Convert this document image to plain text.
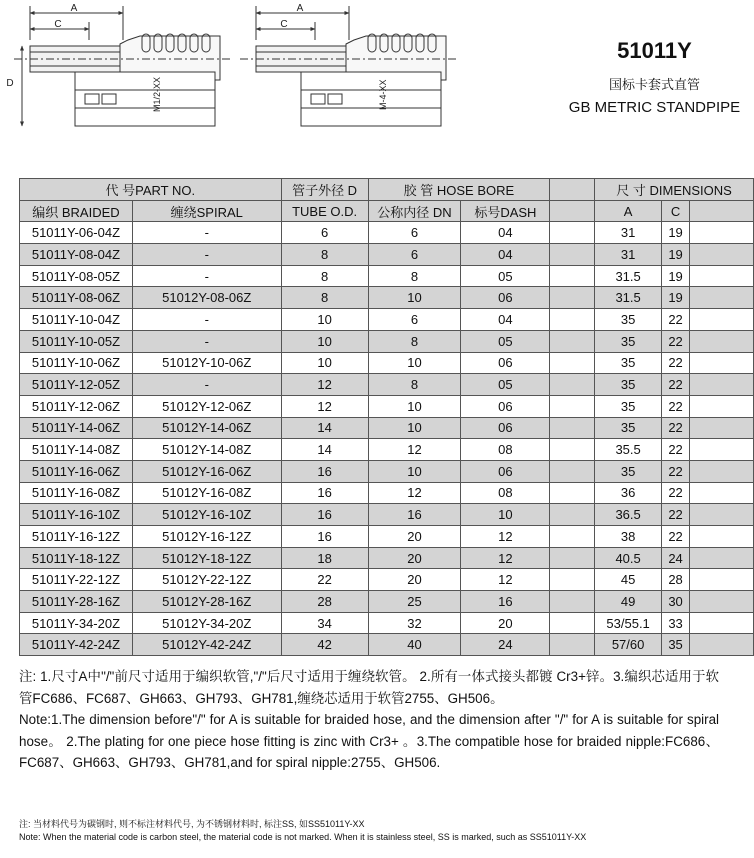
A
C
D	M1/2-XX
A
C
M-4-XX
51011Y
国标卡套式直管
GB METRIC STANDPIPE
代 号PART NO.		管子外径 D	胶 管 HOSE BORE			尺 寸 DIMENSIONS		
编织 BRAIDED	缠绕SPIRAL	TUBE O.D.	公称内径 DN	标号DASH		A	C	
51011Y-06-04Z	-	6	6	04		31	19	
51011Y-08-04Z	-	8	6	04		31	19	
51011Y-08-05Z	-	8	8	05		31.5	19	
51011Y-08-06Z	51012Y-08-06Z	8	10	06		31.5	19	
51011Y-10-04Z	-	10	6	04		35	22	
51011Y-10-05Z	-	10	8	05		35	22	
51011Y-10-06Z	51012Y-10-06Z	10	10	06		35	22	
51011Y-12-05Z	-	12	8	05		35	22	
51011Y-12-06Z	51012Y-12-06Z	12	10	06		35	22	
51011Y-14-06Z	51012Y-14-06Z	14	10	06		35	22	
51011Y-14-08Z	51012Y-14-08Z	14	12	08		35.5	22	
51011Y-16-06Z	51012Y-16-06Z	16	10	06		35	22	
51011Y-16-08Z	51012Y-16-08Z	16	12	08		36	22	
51011Y-16-10Z	51012Y-16-10Z	16	16	10		36.5	22	
51011Y-16-12Z	51012Y-16-12Z	16	20	12		38	22	
51011Y-18-12Z	51012Y-18-12Z	18	20	12		40.5	24	
51011Y-22-12Z	51012Y-22-12Z	22	20	12		45	28	
51011Y-28-16Z	51012Y-28-16Z	28	25	16		49	30	
51011Y-34-20Z	51012Y-34-20Z	34	32	20		53/55.1	33	
51011Y-42-24Z	51012Y-42-24Z	42	40	24		57/60	35	
注: 1.尺寸A中"/"前尺寸适用于编织软管,"/"后尺寸适用于缠绕软管。 2.所有一体式接头都镀 Cr3+锌。3.编织芯适用于软管FC686、FC687、GH663、GH793、GH781,缠绕芯适用于软管2755、GH506。
Note:1.The dimension before"/" for A is suitable for braided hose, and the dimension after "/" for A is suitable for spiral hose。 2.The plating for one piece hose fitting is zinc with Cr3+ 。3.The compatible hose for braided nipple:FC686、FC687、GH663、GH793、GH781,and for spiral nipple:2755、GH506.
注: 当材料代号为碳钢时, 则不标注材料代号, 为不锈钢材料时, 标注SS, 如SS51011Y-XX
Note: When the material code is carbon steel, the material code is not marked. When it is stainless steel, SS is marked, such as SS51011Y-XX
